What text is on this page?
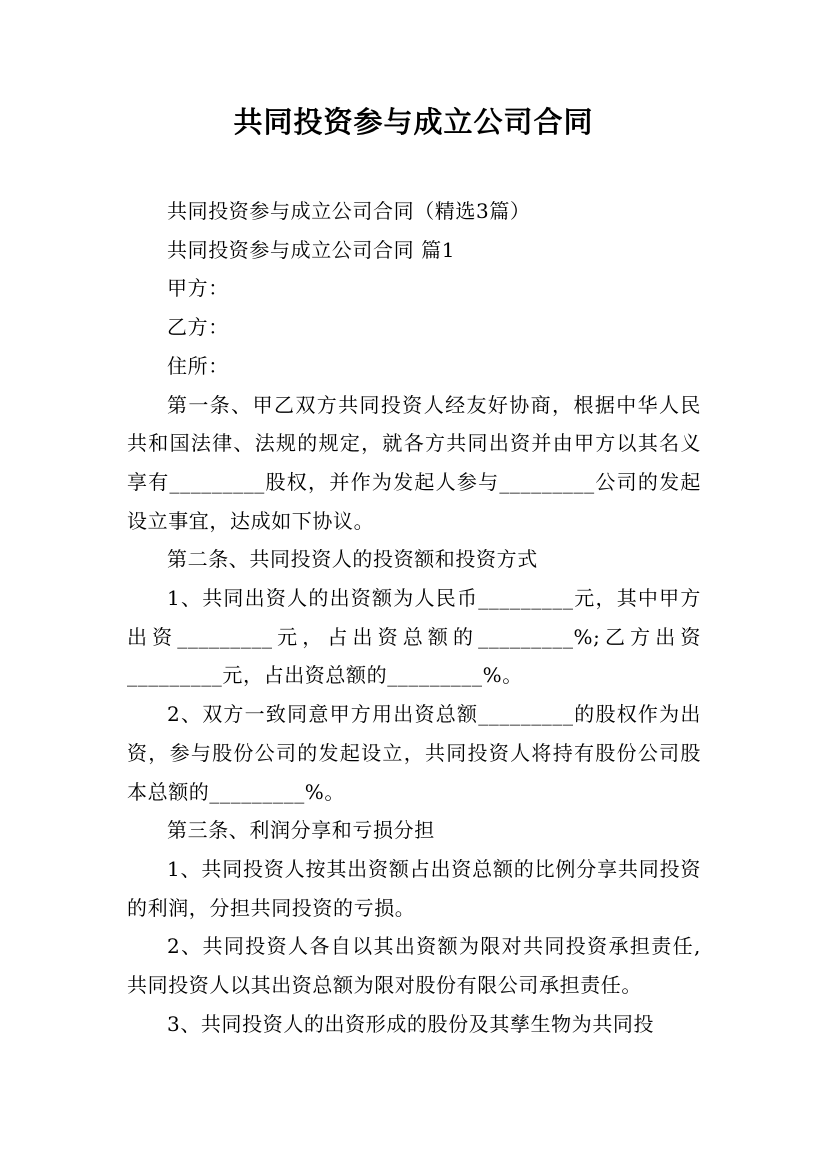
共同投资参与成立公司合同

共同投资参与成立公司合同（精选3篇）

共同投资参与成立公司合同 篇1

甲方：

乙方：

住所：

第一条、甲乙双方共同投资人经友好协商，根据中华人民共和国法律、法规的规定，就各方共同出资并由甲方以其名义享有_________股权，并作为发起人参与_________公司的发起设立事宜，达成如下协议。

第二条、共同投资人的投资额和投资方式

1、共同出资人的出资额为人民币_________元，其中甲方出资_________元，占出资总额的_________%;乙方出资_________元，占出资总额的_________%。

2、双方一致同意甲方用出资总额_________的股权作为出资，参与股份公司的发起设立，共同投资人将持有股份公司股本总额的_________%。

第三条、利润分享和亏损分担

1、共同投资人按其出资额占出资总额的比例分享共同投资的利润，分担共同投资的亏损。

2、共同投资人各自以其出资额为限对共同投资承担责任,共同投资人以其出资总额为限对股份有限公司承担责任。

3、共同投资人的出资形成的股份及其孳生物为共同投
